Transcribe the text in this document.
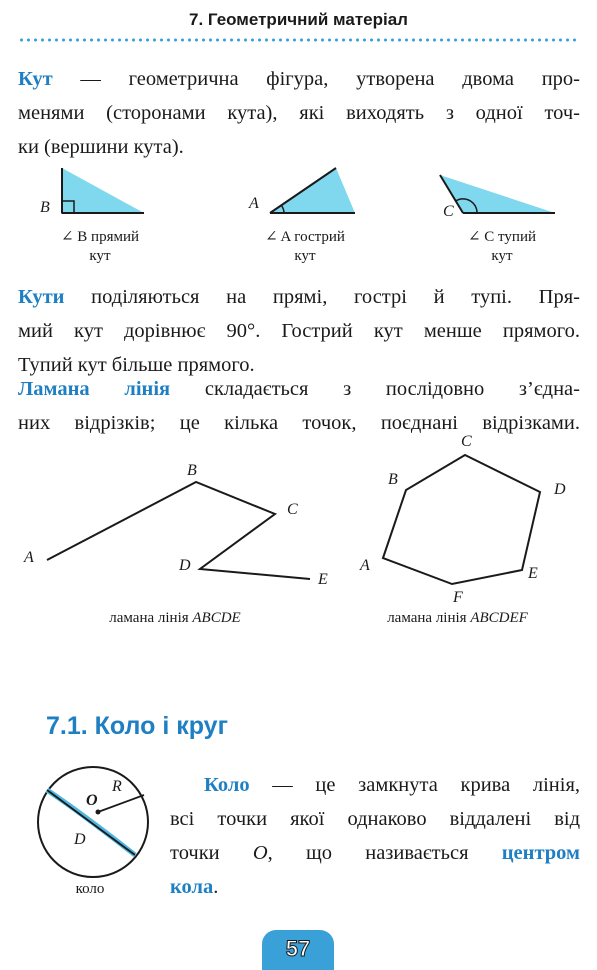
7. Геометричний матеріал
Кут — геометрична фігура, утворена двома про-
менями (сторонами кута), які виходять з одної точ-
ки (вершини кута).
B	A	C
∠ B прямий
кут
∠ A гострий
кут
∠ C тупий
кут
Кути поділяються на прямі, гострі й тупі. Пря-
мий кут дорівнює 90°. Гострий кут менше прямого.
Тупий кут більше прямого.
Ламана лінія складається з послідовно з’єдна-
них відрізків; це кілька точок, поєднані відрізками.
A
B
C
D
E
A
B
C
D
E
F
ламана лінія ABCDE	ламана лінія ABCDEF
7.1. Коло і круг
R
O
D
коло
Коло — це замкнута крива лінія,
всі точки якої однаково віддалені від
точки O, що називається центром
кола.
57
